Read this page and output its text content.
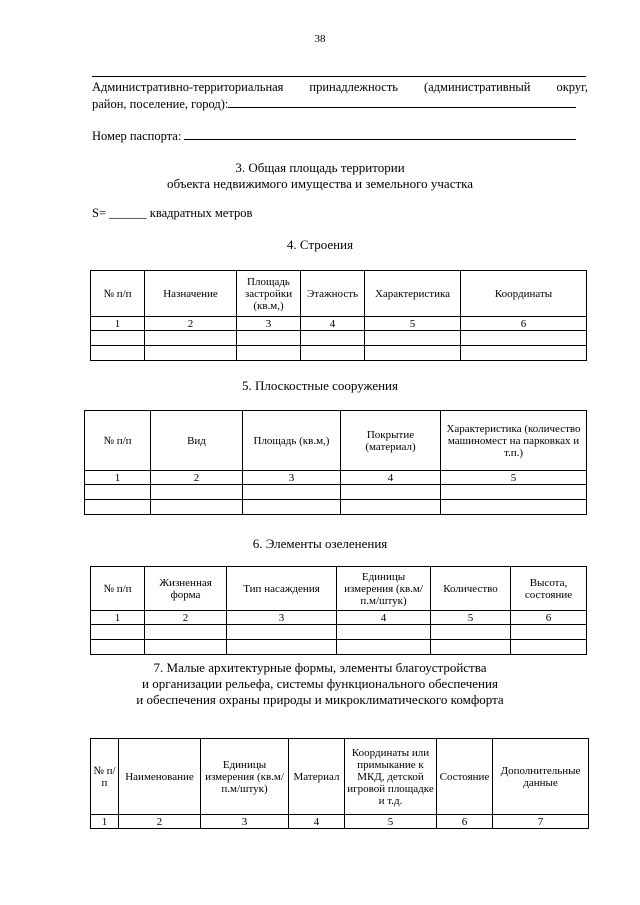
38
Административно-территориальная принадлежность (административный округ,
район, поселение, город):
Номер паспорта:
3. Общая площадь территории
объекта недвижимого имущества и земельного участка
S= ______ квадратных метров
4. Строения
№ п/п	Назначение	Площадь застройки (кв.м,)	Этажность	Характеристика	Координаты
1	2	3	4	5	6

5. Плоскостные сооружения
№ п/п	Вид	Площадь (кв.м,)	Покрытие (материал)	Характеристика (количество машиномест на парковках и т.п.)
1	2	3	4	5

6. Элементы озеленения
№ п/п	Жизненная форма	Тип насаждения	Единицы измерения (кв.м/п.м/штук)	Количество	Высота, состояние
1	2	3	4	5	6

7. Малые архитектурные формы, элементы благоустройства
и организации рельефа, системы функционального обеспечения
и обеспечения охраны природы и микроклиматического комфорта
№ п/п	Наименование	Единицы измерения (кв.м/п.м/штук)	Материал	Координаты или примыкание к МКД, детской игровой площадке и т.д.	Состояние	Дополнительные данные
1	2	3	4	5	6	7
